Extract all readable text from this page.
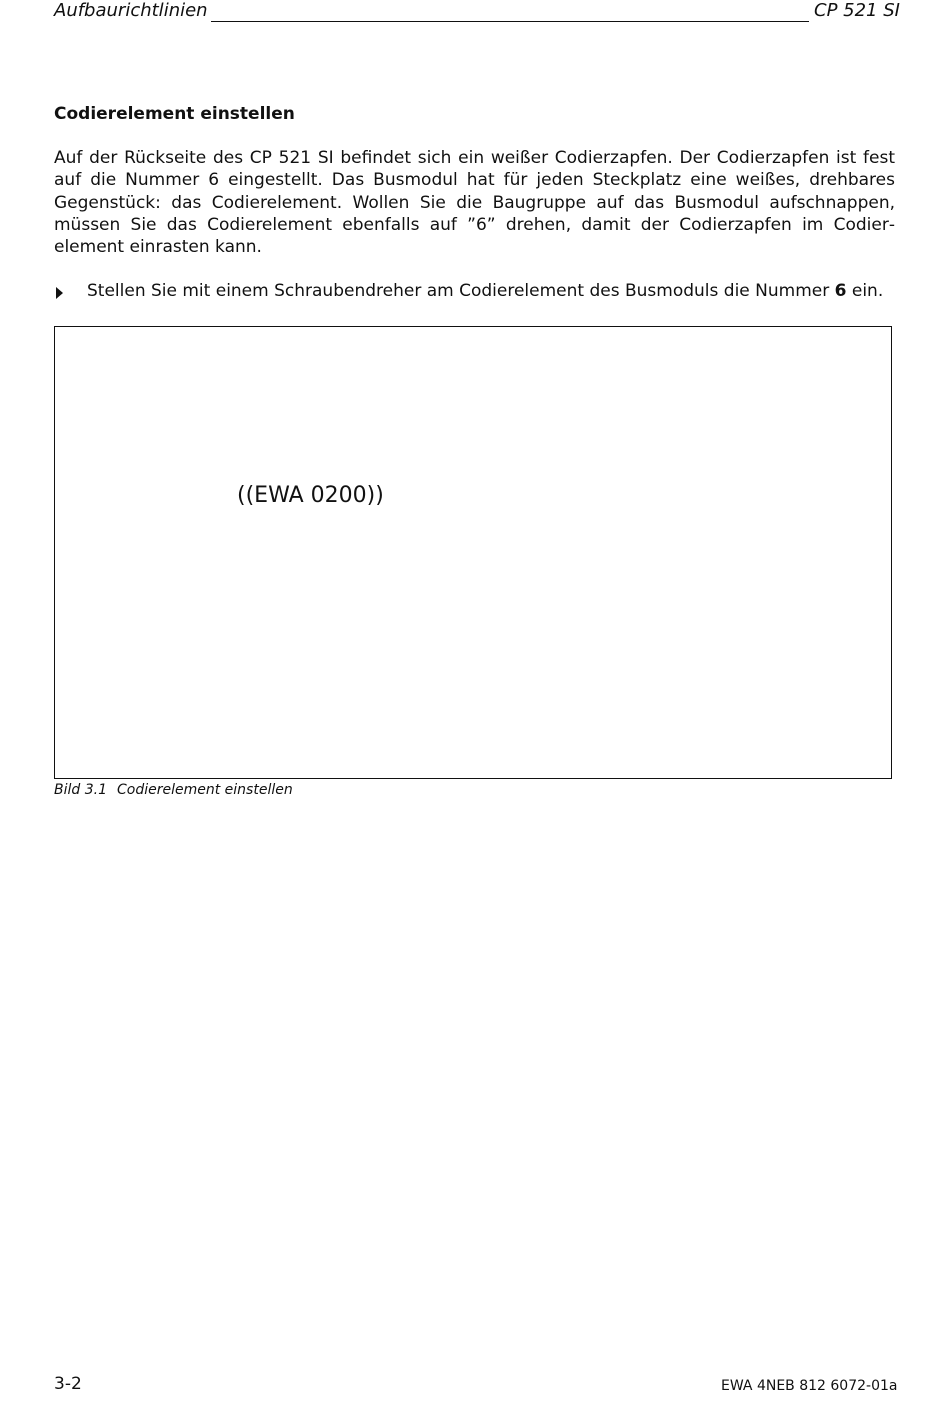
Aufbaurichtlinien	CP 521 SI
Codierelement einstellen

Auf der Rückseite des CP 521 SI befindet sich ein weißer Codierzapfen. Der Codierzapfen ist fest auf die Nummer 6 eingestellt. Das Busmodul hat für jeden Steckplatz eine weißes, drehbares Gegenstück: das Codierelement. Wollen Sie die Baugruppe auf das Busmodul aufschnappen, müssen Sie das Codierelement ebenfalls auf ”6” drehen, damit der Codierzapfen im Codierelement einrasten kann.

Stellen Sie mit einem Schraubendreher am Codierelement des Busmoduls die Nummer 6 ein.
((EWA 0200))
Bild 3.1 Codierelement einstellen
3-2	EWA 4NEB 812 6072-01a
